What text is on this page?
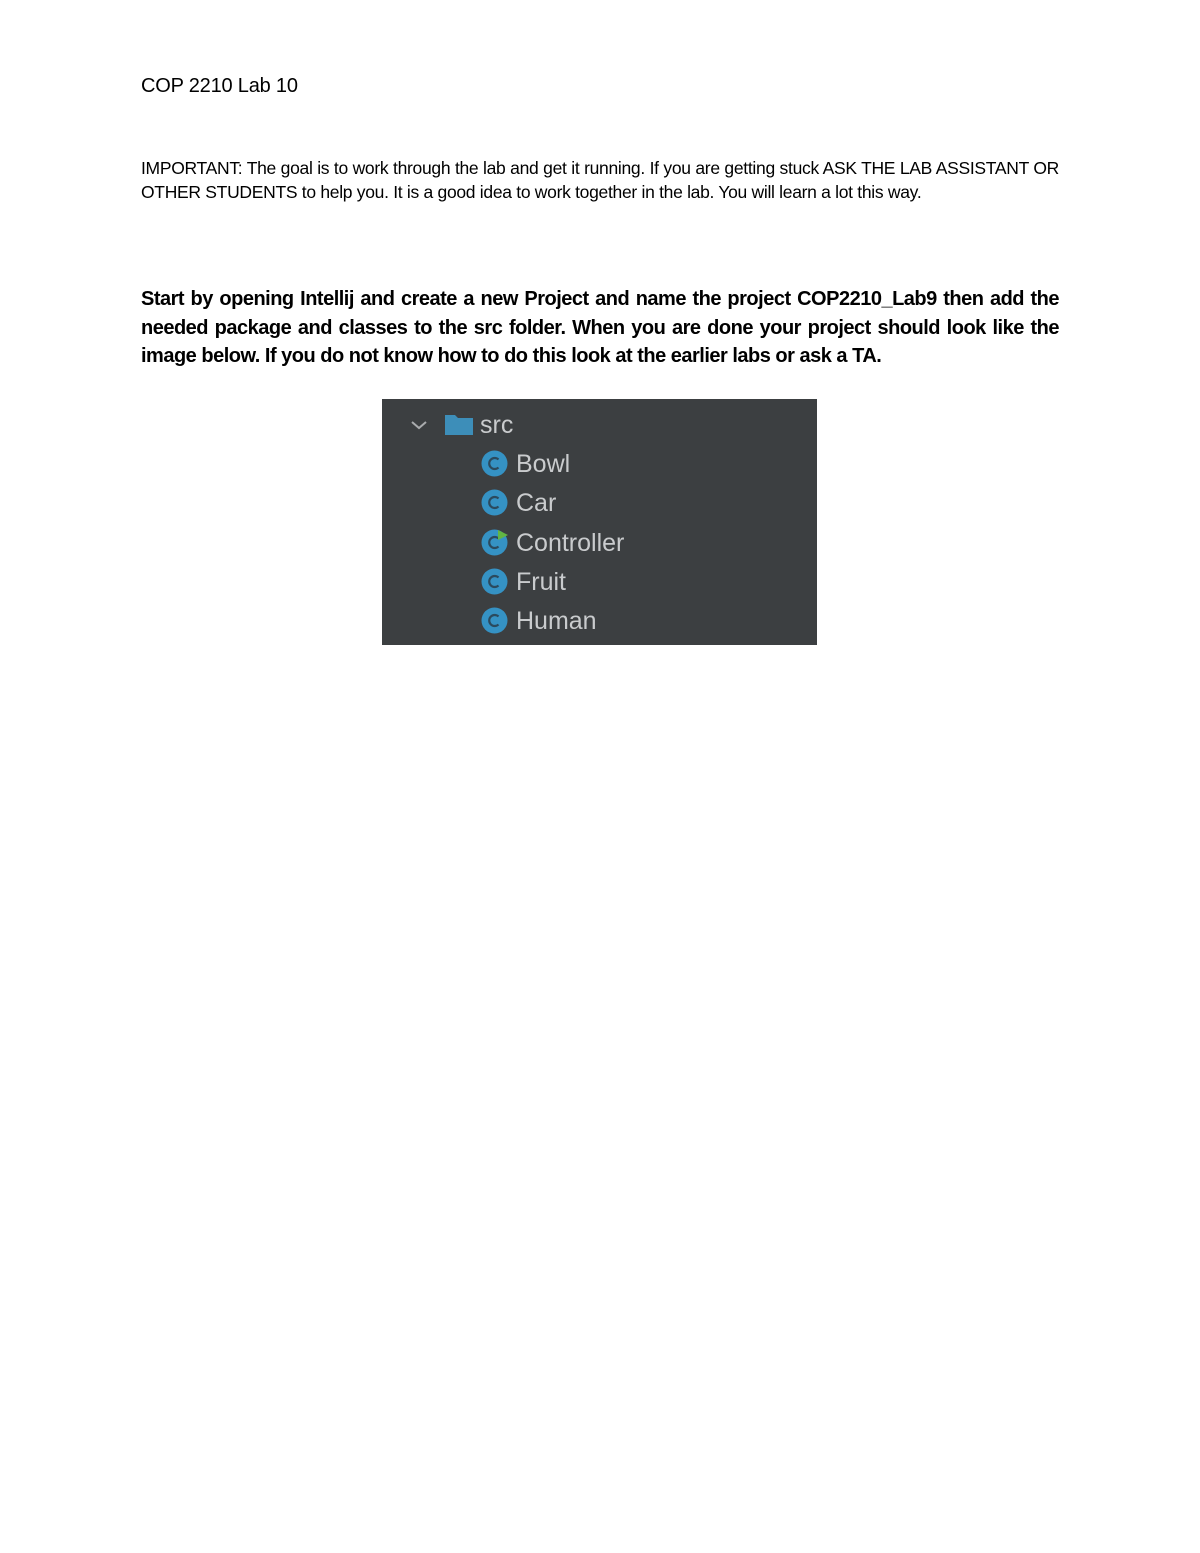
COP 2210 Lab 10

IMPORTANT: The goal is to work through the lab and get it running. If you are getting stuck ASK THE LAB ASSISTANT OR OTHER STUDENTS to help you. It is a good idea to work together in the lab. You will learn a lot this way.

Start by opening Intellij and create a new Project and name the project COP2210_Lab9 then add the needed package and classes to the src folder. When you are done your project should look like the image below. If you do not know how to do this look at the earlier labs or ask a TA.

src
Bowl
Car
Controller
Fruit
Human
